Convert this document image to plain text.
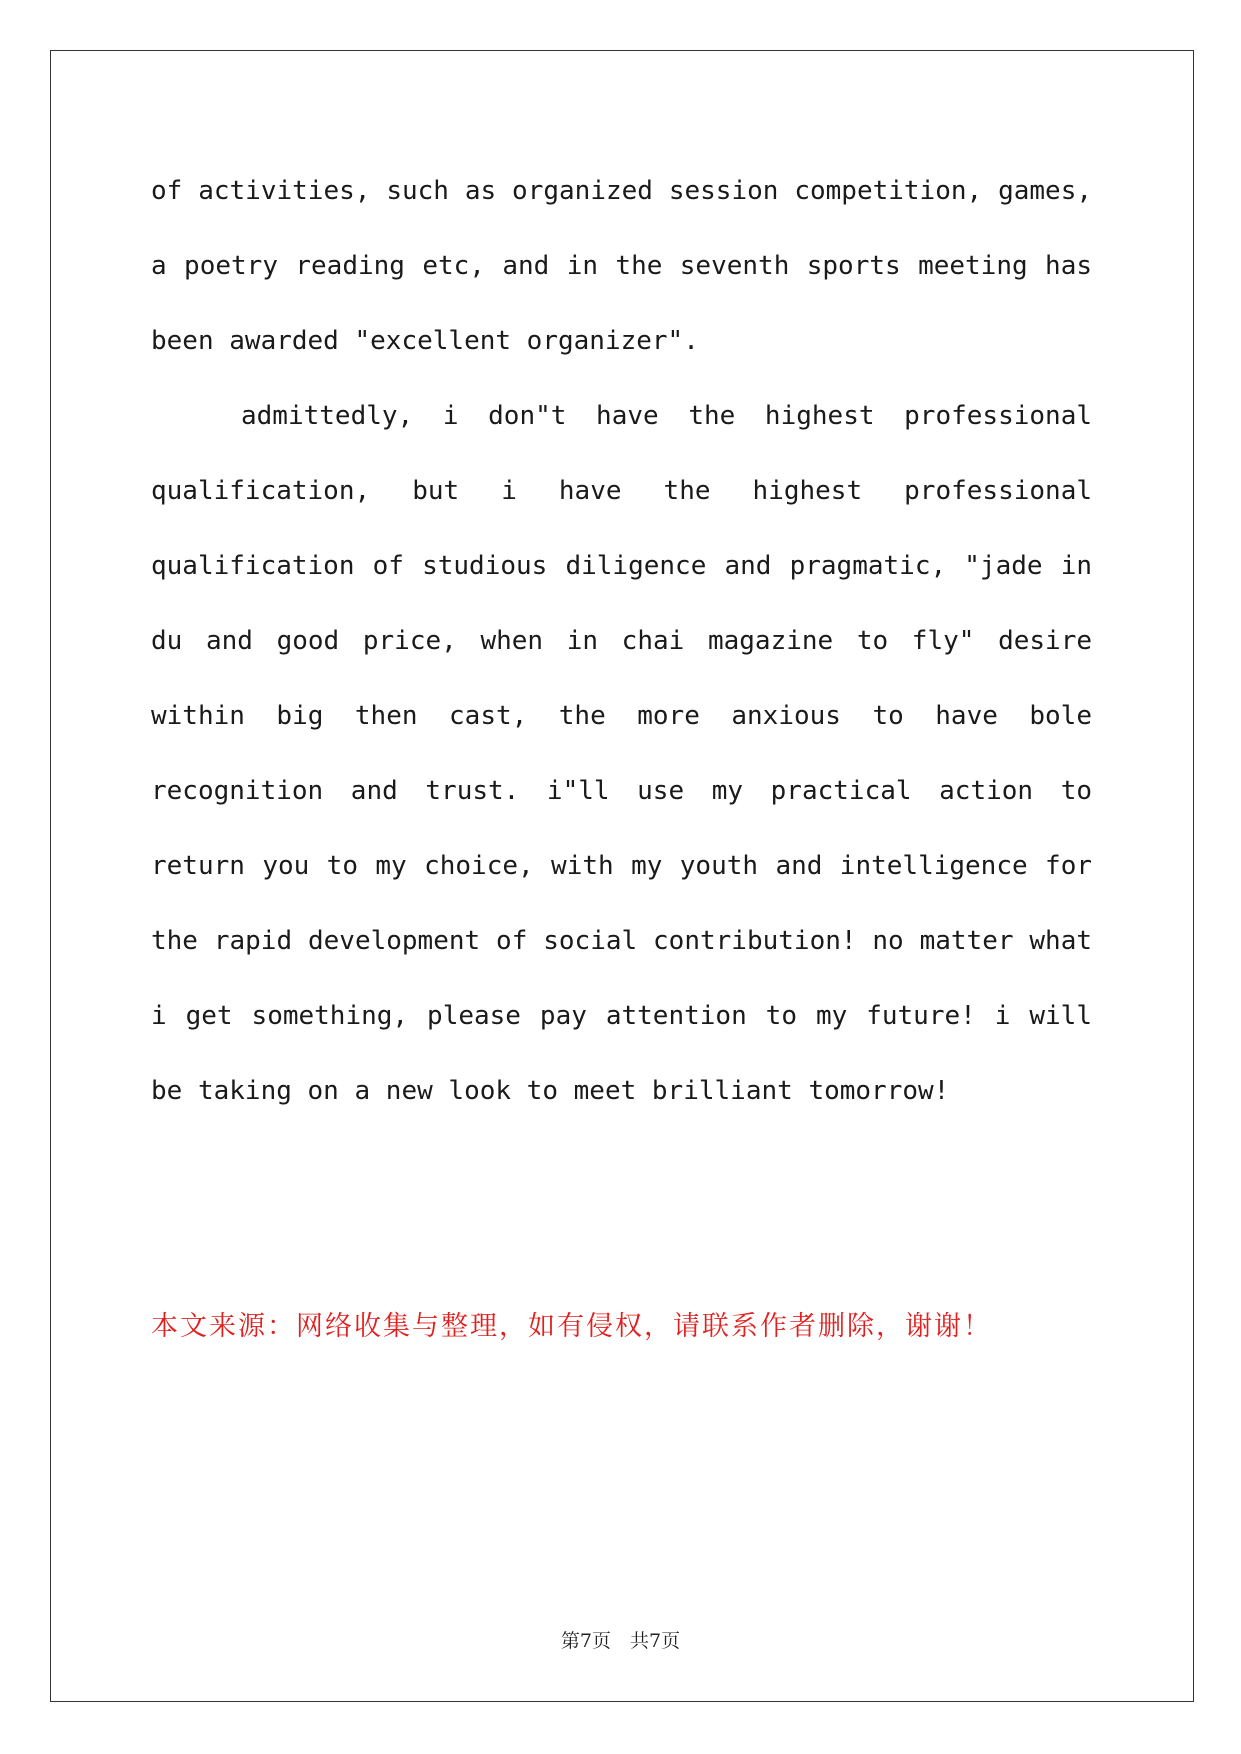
of activities, such as organized session competition, games,
a poetry reading etc, and in the seventh sports meeting has
been awarded "excellent organizer".
admittedly, i don"t have the highest professional
qualification, but i have the highest professional
qualification of studious diligence and pragmatic, "jade in
du and good price, when in chai magazine to fly" desire
within big then cast, the more anxious to have bole
recognition and trust. i"ll use my practical action to
return you to my choice, with my youth and intelligence for
the rapid development of social contribution! no matter what
i get something, please pay attention to my future! i will
be taking on a new look to meet brilliant tomorrow!
本文来源：网络收集与整理，如有侵权，请联系作者删除，谢谢！
第7页　共7页
